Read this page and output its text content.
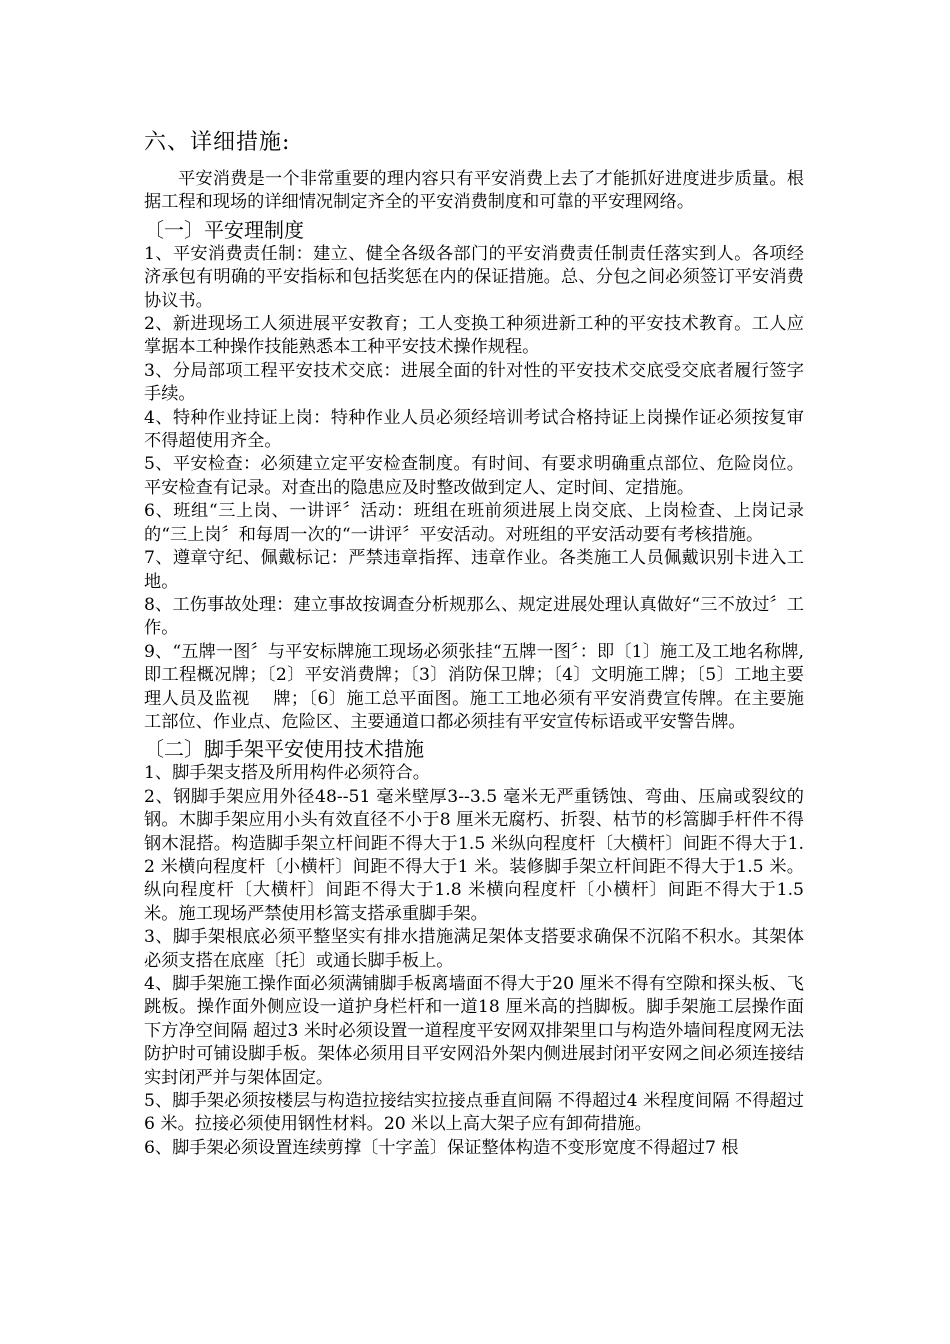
六、详细措施:

平安消费是一个非常重要的理内容只有平安消费上去了才能抓好进度进步质量。根据工程和现场的详细情况制定齐全的平安消费制度和可靠的平安理网络。

〔一〕平安理制度

1、平安消费责任制：建立、健全各级各部门的平安消费责任制责任落实到人。各项经济承包有明确的平安指标和包括奖惩在内的保证措施。总、分包之间必须签订平安消费协议书。

2、新进现场工人须进展平安教育；工人变换工种须进新工种的平安技术教育。工人应掌据本工种操作技能熟悉本工种平安技术操作规程。

3、分局部项工程平安技术交底：进展全面的针对性的平安技术交底受交底者履行签字手续。

4、特种作业持证上岗：特种作业人员必须经培训考试合格持证上岗操作证必须按复审不得超使用齐全。

5、平安检查：必须建立定平安检查制度。有时间、有要求明确重点部位、危险岗位。平安检查有记录。对查出的隐患应及时整改做到定人、定时间、定措施。

6、班组“三上岗、一讲评〞活动：班组在班前须进展上岗交底、上岗检查、上岗记录的“三上岗〞和每周一次的“一讲评〞平安活动。对班组的平安活动要有考核措施。

7、遵章守纪、佩戴标记：严禁违章指挥、违章作业。各类施工人员佩戴识别卡进入工地。

8、工伤事故处理：建立事故按调查分析规那么、规定进展处理认真做好“三不放过〞工作。

9、“五牌一图〞与平安标牌施工现场必须张挂“五牌一图〞：即〔1〕施工及工地名称牌,即工程概况牌；〔2〕平安消费牌；〔3〕消防保卫牌；〔4〕文明施工牌；〔5〕工地主要理人员及监视　 牌；〔6〕施工总平面图。施工工地必须有平安消费宣传牌。在主要施工部位、作业点、危险区、主要通道口都必须挂有平安宣传标语或平安警告牌。

〔二〕脚手架平安使用技术措施

1、脚手架支搭及所用构件必须符合。

2、钢脚手架应用外径48--51 毫米壁厚3--3.5 毫米无严重锈蚀、弯曲、压扁或裂纹的钢。木脚手架应用小头有效直径不小于8 厘米无腐朽、折裂、枯节的杉篙脚手杆件不得钢木混搭。构造脚手架立杆间距不得大于1.5 米纵向程度杆〔大横杆〕间距不得大于1.2 米横向程度杆〔小横杆〕间距不得大于1 米。装修脚手架立杆间距不得大于1.5 米。纵向程度杆〔大横杆〕间距不得大于1.8 米横向程度杆〔小横杆〕间距不得大于1.5 米。施工现场严禁使用杉篙支搭承重脚手架。

3、脚手架根底必须平整坚实有排水措施满足架体支搭要求确保不沉陷不积水。其架体必须支搭在底座〔托〕或通长脚手板上。

4、脚手架施工操作面必须满铺脚手板离墙面不得大于20 厘米不得有空隙和探头板、飞跳板。操作面外侧应设一道护身栏杆和一道18 厘米高的挡脚板。脚手架施工层操作面下方净空间隔 超过3 米时必须设置一道程度平安网双排架里口与构造外墙间程度网无法防护时可铺设脚手板。架体必须用目平安网沿外架内侧进展封闭平安网之间必须连接结实封闭严并与架体固定。

5、脚手架必须按楼层与构造拉接结实拉接点垂直间隔 不得超过4 米程度间隔 不得超过6 米。拉接必须使用钢性材料。20 米以上高大架子应有卸荷措施。

6、脚手架必须设置连续剪撑〔十字盖〕保证整体构造不变形宽度不得超过7 根
